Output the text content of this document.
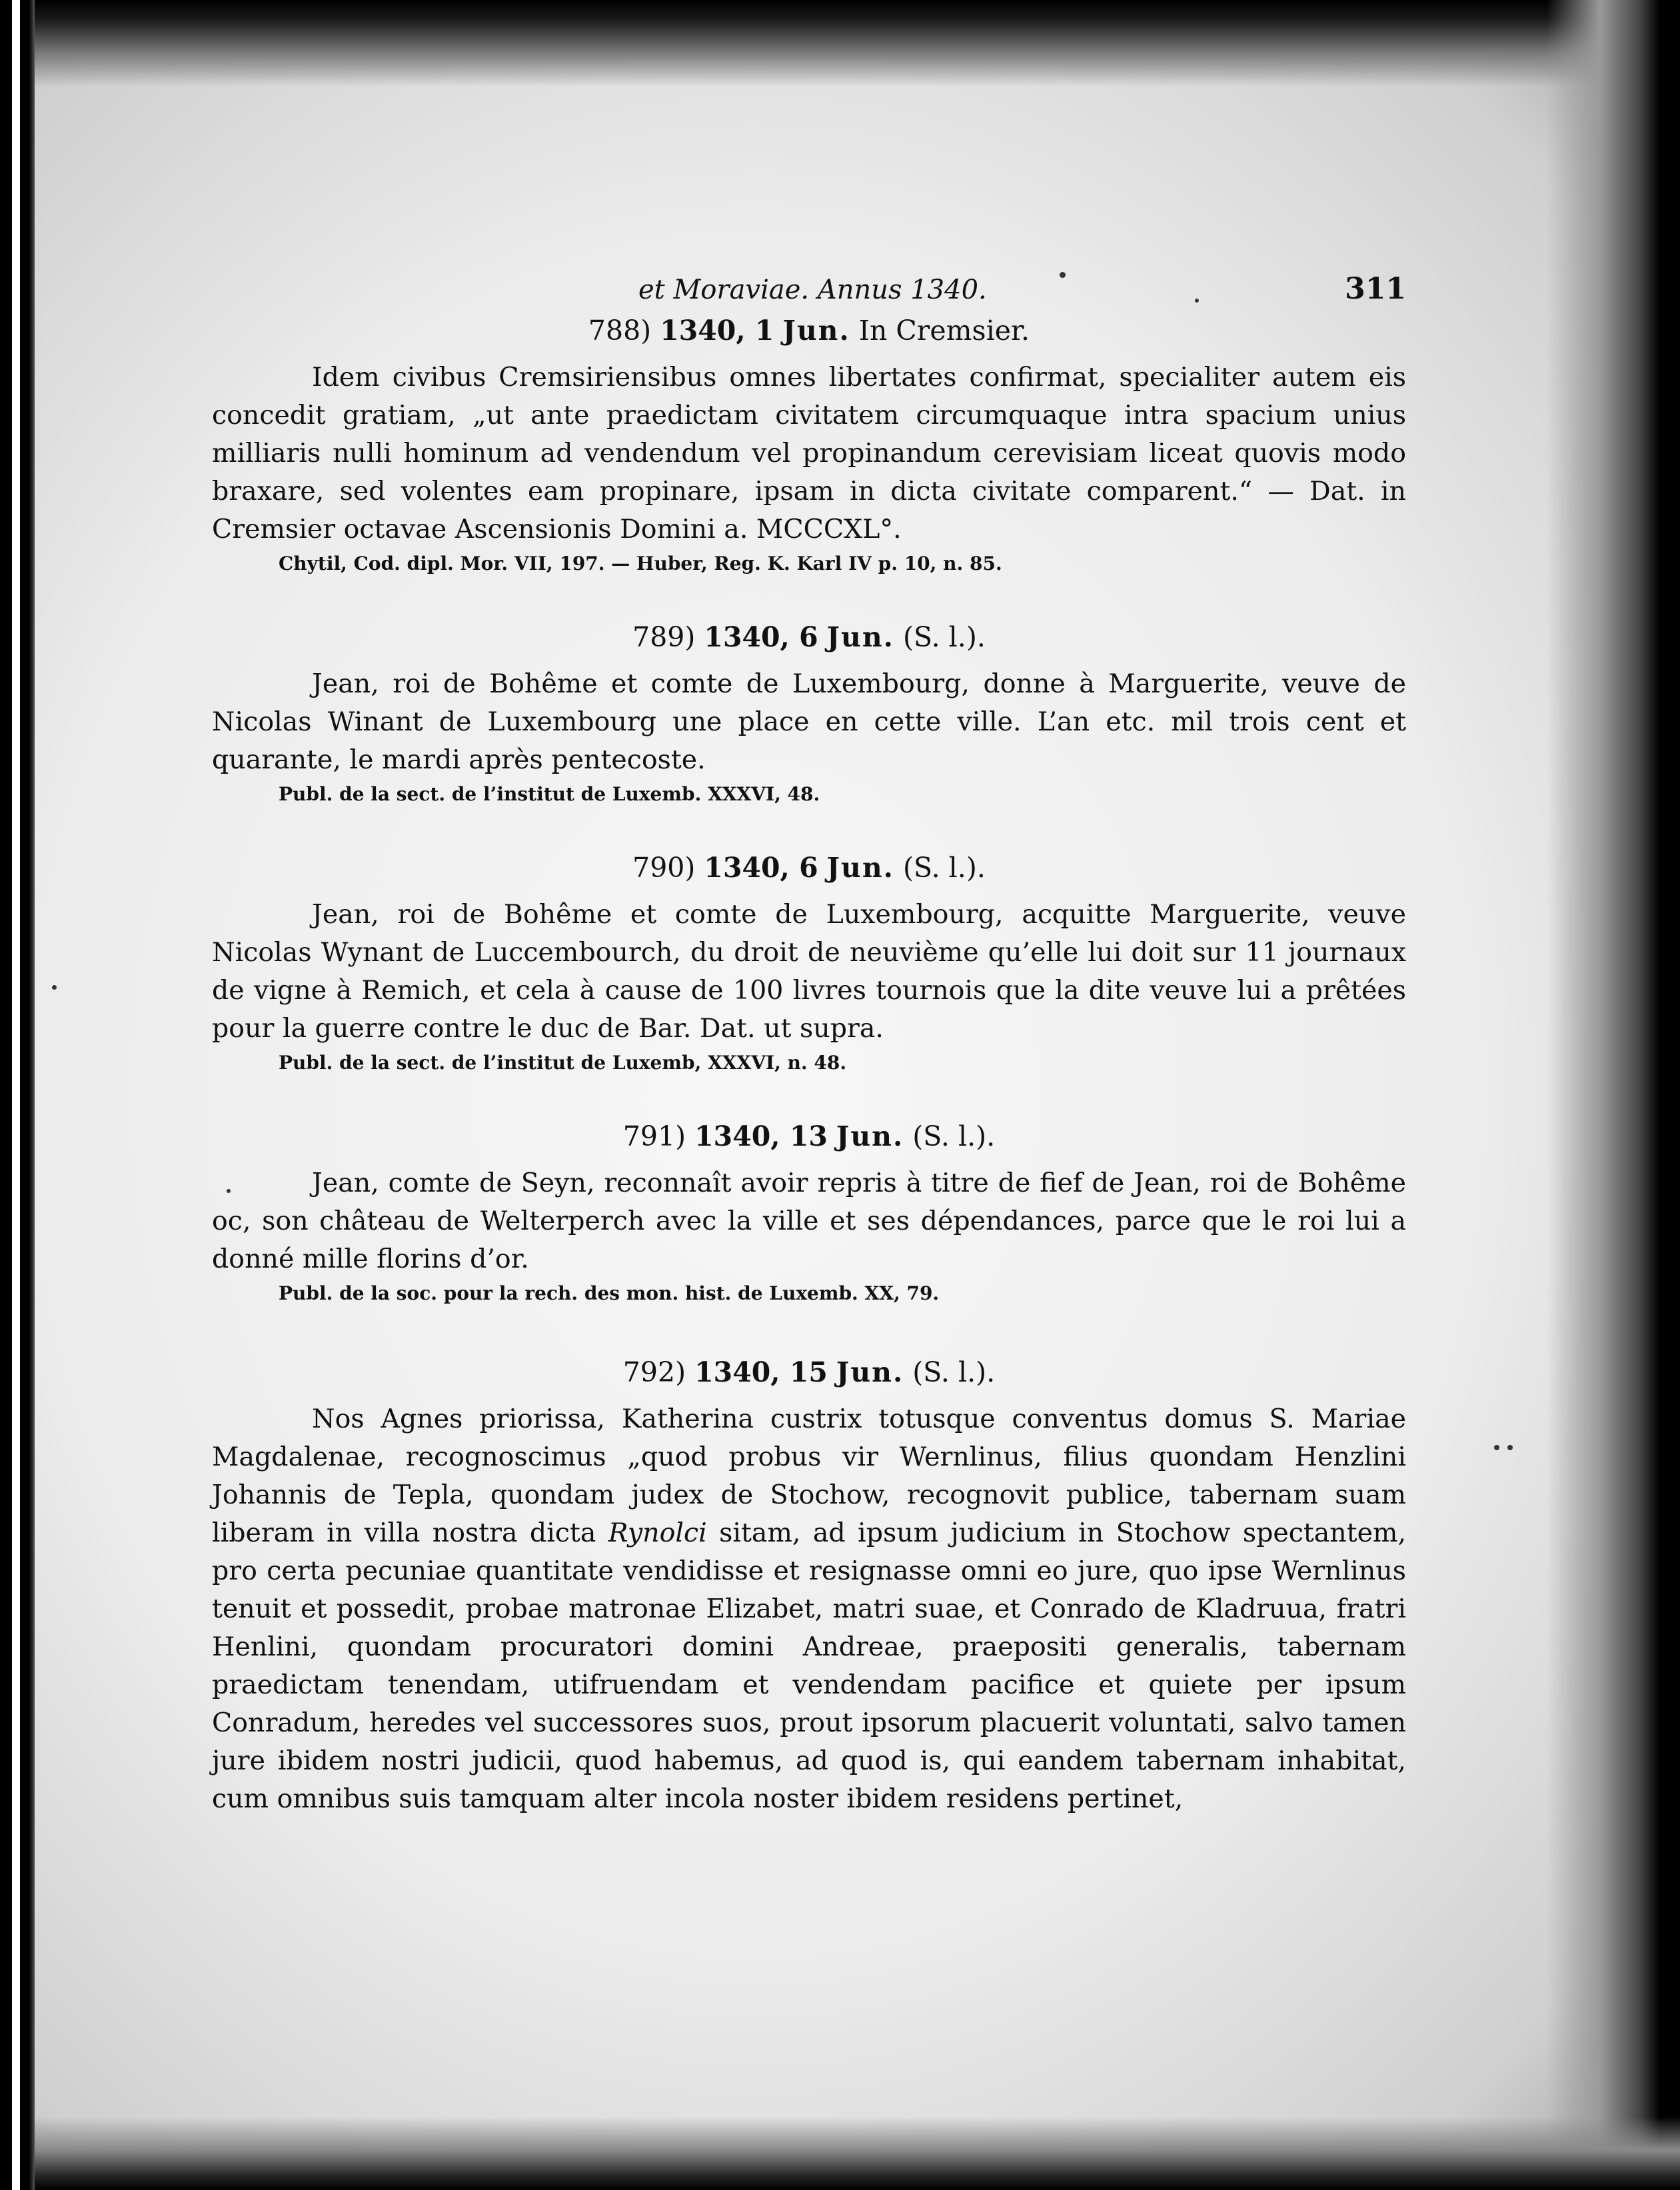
et Moraviae. Annus 1340.	311
788) 1340, 1 Jun. In Cremsier.

Idem civibus Cremsiriensibus omnes libertates confirmat, specialiter autem eis concedit gratiam, „ut ante praedictam civitatem circumquaque intra spacium unius milliaris nulli hominum ad vendendum vel propinandum cerevisiam liceat quovis modo braxare, sed volentes eam propinare, ipsam in dicta civitate comparent.“ — Dat. in Cremsier octavae Ascensionis Domini a. MCCCXL°.

Chytil, Cod. dipl. Mor. VII, 197. — Huber, Reg. K. Karl IV p. 10, n. 85.
789) 1340, 6 Jun. (S. l.).

Jean, roi de Bohême et comte de Luxembourg, donne à Marguerite, veuve de Nicolas Winant de Luxembourg une place en cette ville. L’an etc. mil trois cent et quarante, le mardi après pentecoste.

Publ. de la sect. de l’institut de Luxemb. XXXVI, 48.
790) 1340, 6 Jun. (S. l.).

Jean, roi de Bohême et comte de Luxembourg, acquitte Marguerite, veuve Nicolas Wynant de Luccembourch, du droit de neuvième qu’elle lui doit sur 11 journaux de vigne à Remich, et cela à cause de 100 livres tournois que la dite veuve lui a prêtées pour la guerre contre le duc de Bar. Dat. ut supra.

Publ. de la sect. de l’institut de Luxemb, XXXVI, n. 48.
791) 1340, 13 Jun. (S. l.).

Jean, comte de Seyn, reconnaît avoir repris à titre de fief de Jean, roi de Bohême oc, son château de Welterperch avec la ville et ses dépendances, parce que le roi lui a donné mille florins d’or.

Publ. de la soc. pour la rech. des mon. hist. de Luxemb. XX, 79.
792) 1340, 15 Jun. (S. l.).

Nos Agnes priorissa, Katherina custrix totusque conventus domus S. Mariae Magdalenae, recognoscimus „quod probus vir Wernlinus, filius quondam Henzlini Johannis de Tepla, quondam judex de Stochow, recognovit publice, tabernam suam liberam in villa nostra dicta Rynolci sitam, ad ipsum judicium in Stochow spectantem, pro certa pecuniae quantitate vendidisse et resignasse omni eo jure, quo ipse Wernlinus tenuit et possedit, probae matronae Elizabet, matri suae, et Conrado de Kladruua, fratri Henlini, quondam procuratori domini Andreae, praepositi generalis, tabernam praedictam tenendam, utifruendam et vendendam pacifice et quiete per ipsum Conradum, heredes vel successores suos, prout ipsorum placuerit voluntati, salvo tamen jure ibidem nostri judicii, quod habemus, ad quod is, qui eandem tabernam inhabitat, cum omnibus suis tamquam alter incola noster ibidem residens pertinet,
